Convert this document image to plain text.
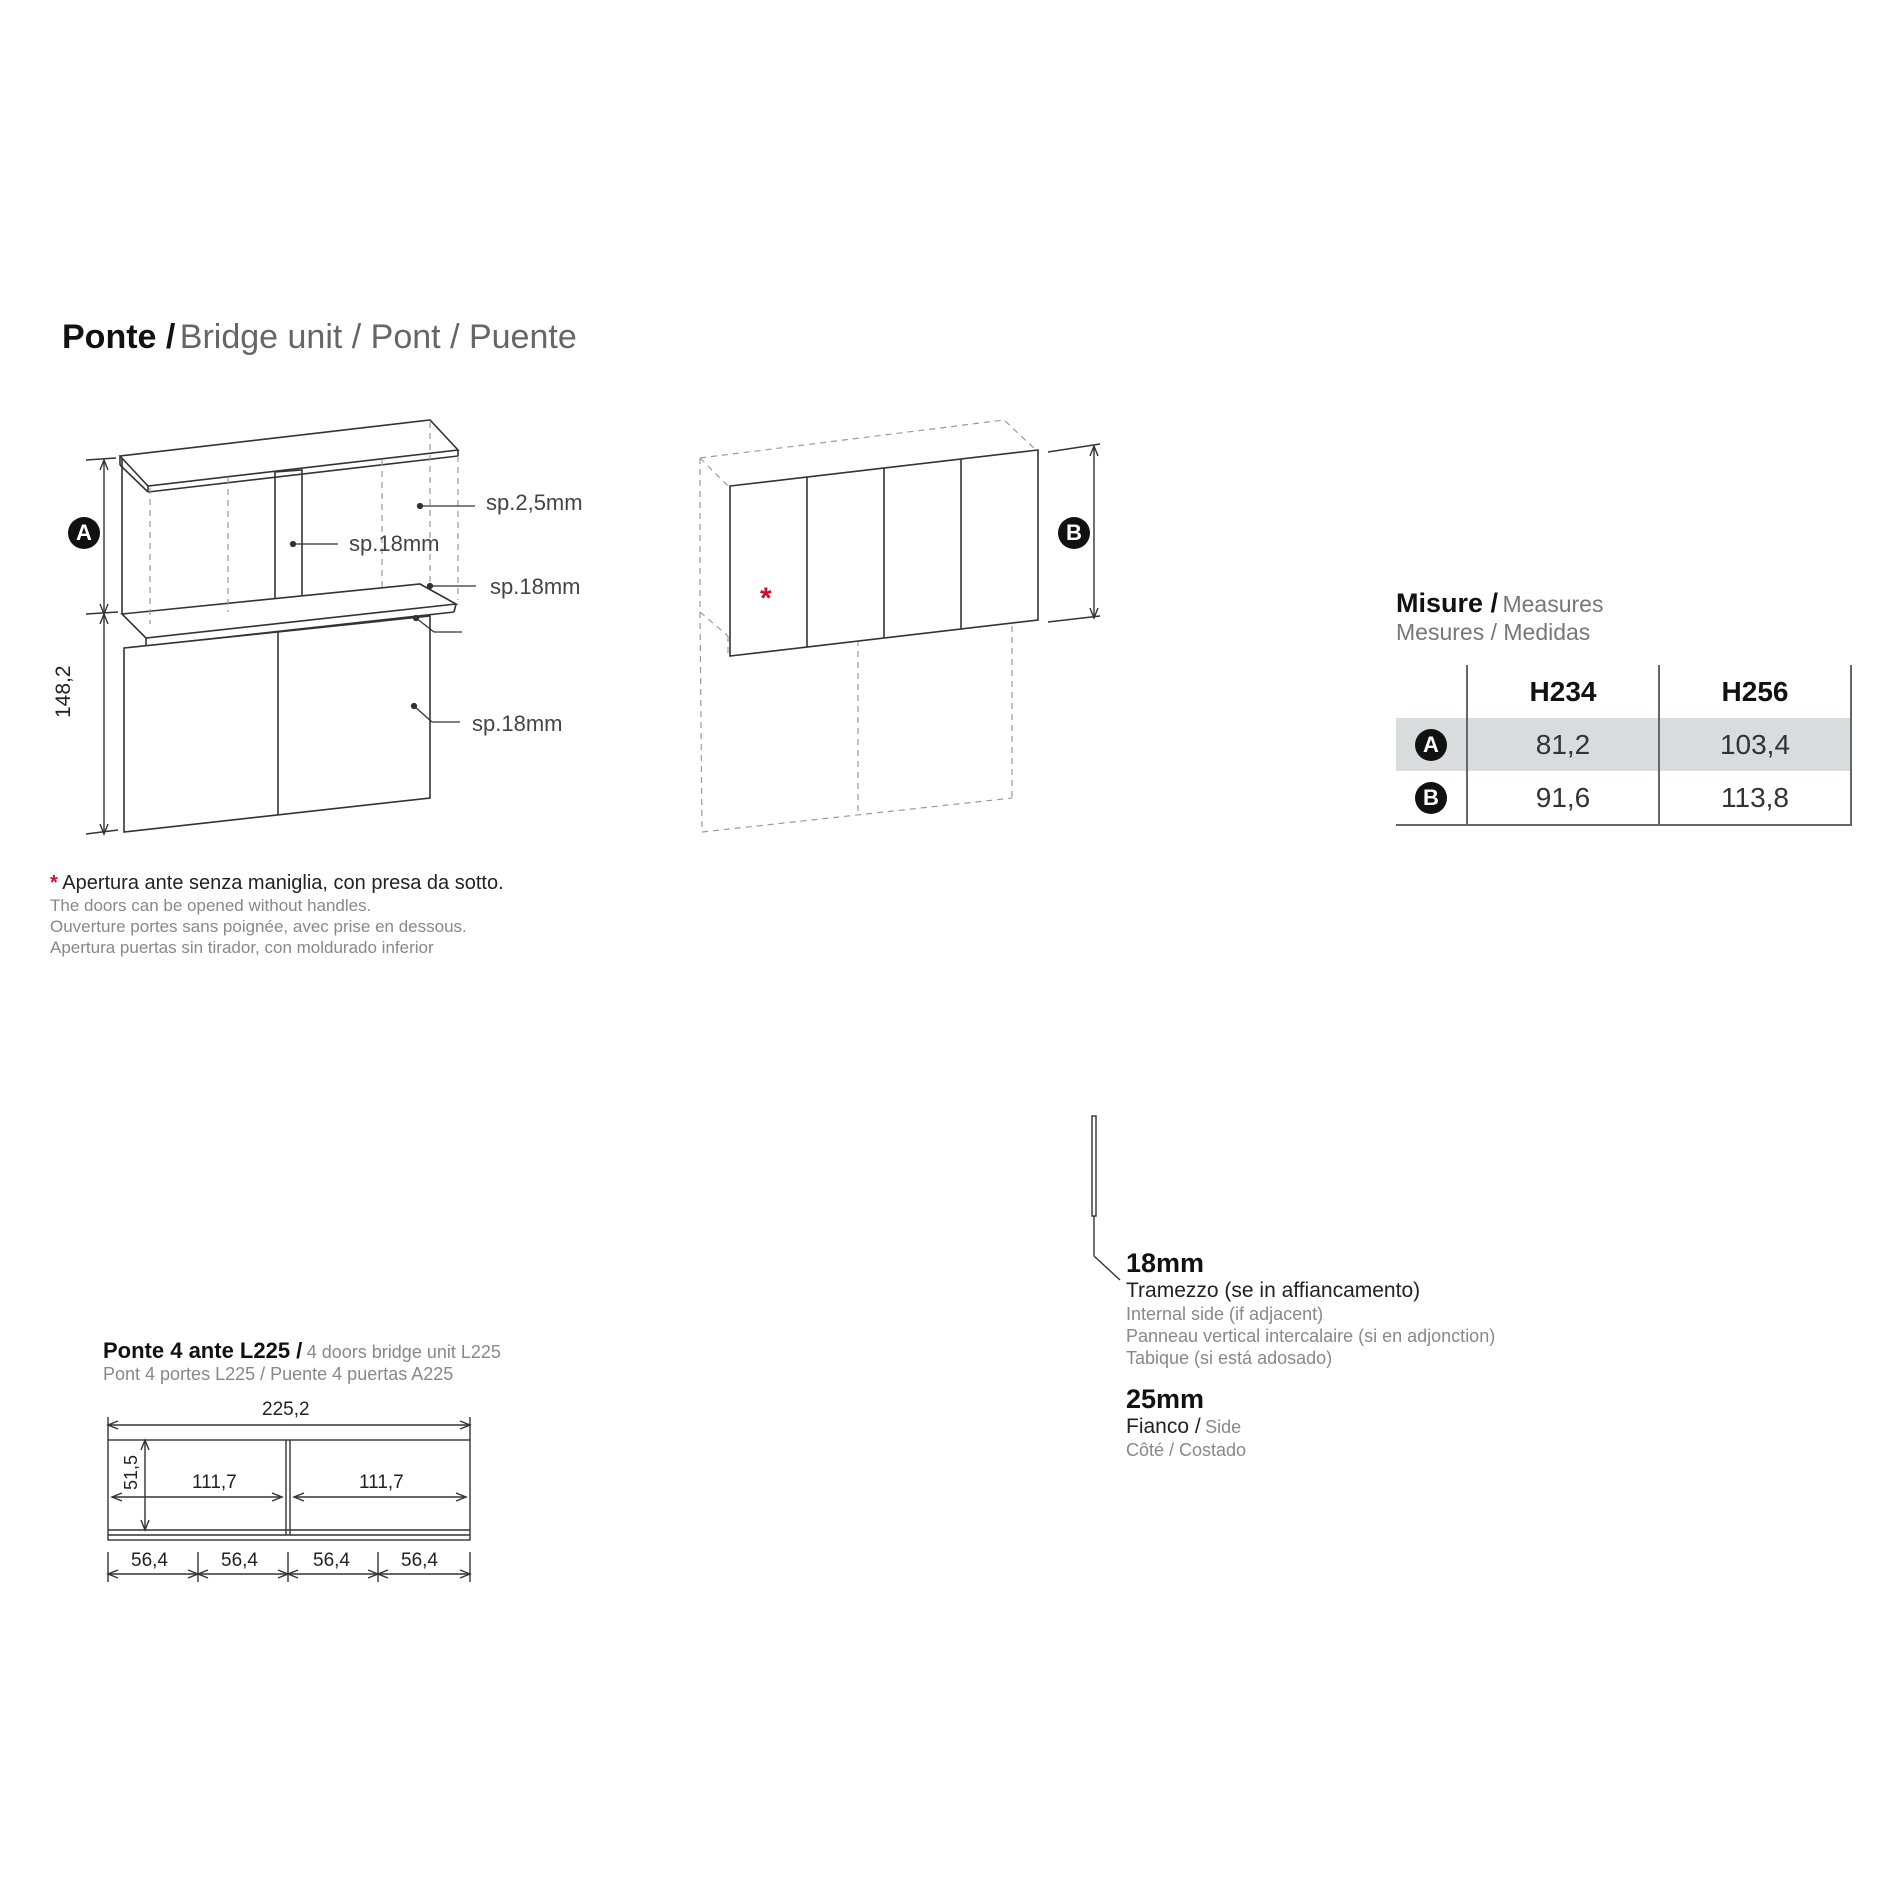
Ponte / Bridge unit / Pont / Puente
A
148,2
sp.2,5mm
sp.18mm
sp.18mm
sp.18mm
*
B
* Apertura ante senza maniglia, con presa da sotto.
The doors can be opened without handles.
Ouverture portes sans poignée, avec prise en dessous.
Apertura puertas sin tirador, con moldurado inferior
Misure / Measures
Mesures / Medidas
	H234	H256

A	81,2	103,4

B	91,6	113,8
18mm
Tramezzo (se in affiancamento)
Internal side (if adjacent)
Panneau vertical intercalaire (si en adjonction)
Tabique (si está adosado)
25mm
Fianco / Side
Côté / Costado
Ponte 4 ante L225 / 4 doors bridge unit L225
Pont 4 portes L225 / Puente 4 puertas A225
225,2
51,5	111,7	111,7
56,4	56,4	56,4	56,4
